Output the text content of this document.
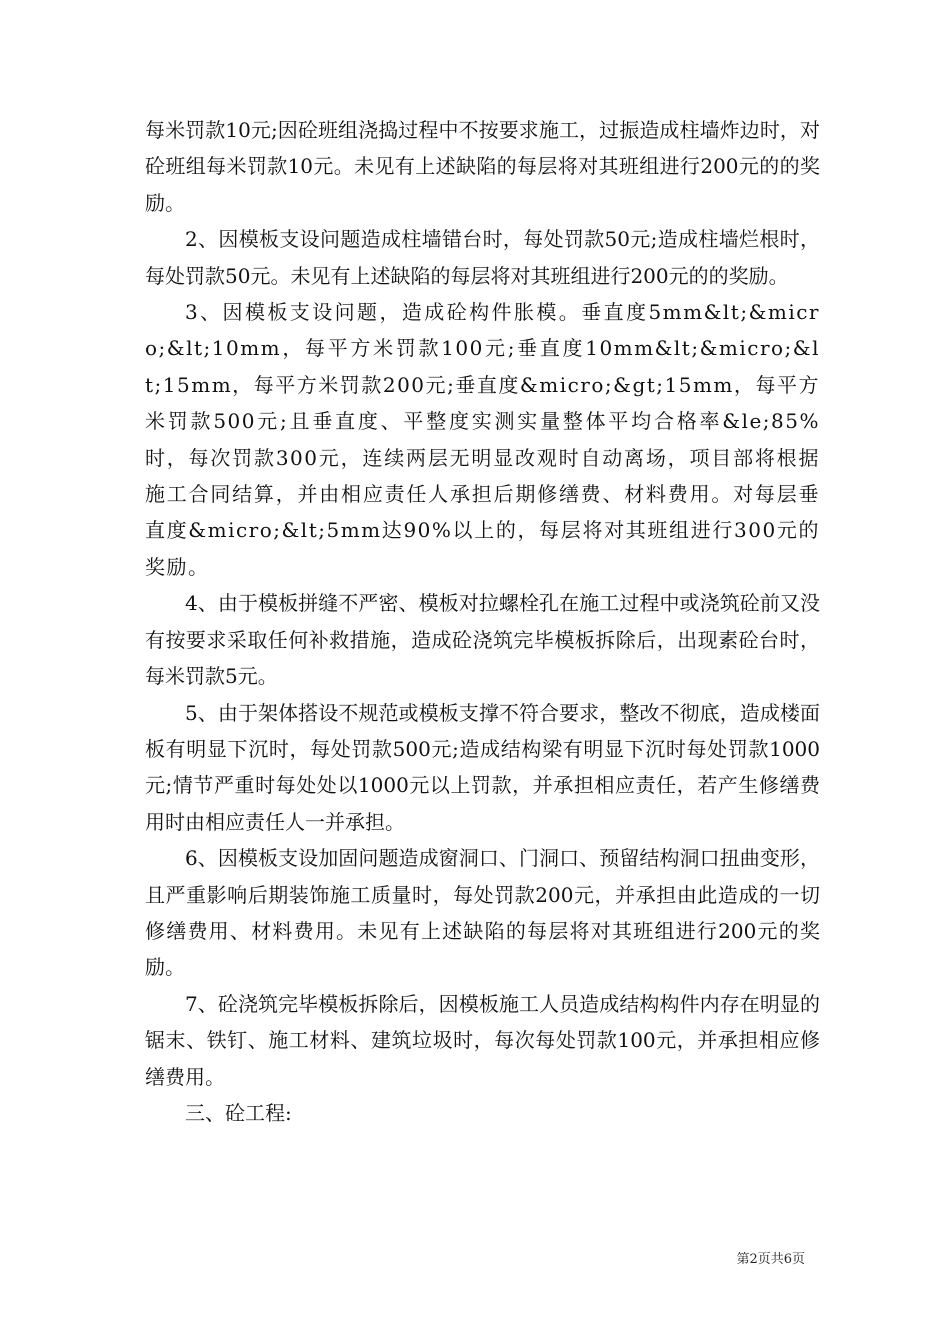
每米罚款10元;因砼班组浇捣过程中不按要求施工，过振造成柱墙炸边时，对砼班组每米罚款10元。未见有上述缺陷的每层将对其班组进行200元的的奖励。

2、因模板支设问题造成柱墙错台时，每处罚款50元;造成柱墙烂根时，每处罚款50元。未见有上述缺陷的每层将对其班组进行200元的的奖励。

3、因模板支设问题，造成砼构件胀模。垂直度5mm&lt;&micro;&lt;10mm，每平方米罚款100元;垂直度10mm&lt;&micro;&lt;15mm，每平方米罚款200元;垂直度&micro;&gt;15mm，每平方米罚款500元;且垂直度、平整度实测实量整体平均合格率&le;85%时，每次罚款300元，连续两层无明显改观时自动离场，项目部将根据施工合同结算，并由相应责任人承担后期修缮费、材料费用。对每层垂直度&micro;&lt;5mm达90%以上的，每层将对其班组进行300元的奖励。

4、由于模板拼缝不严密、模板对拉螺栓孔在施工过程中或浇筑砼前又没有按要求采取任何补救措施，造成砼浇筑完毕模板拆除后，出现素砼台时，每米罚款5元。

5、由于架体搭设不规范或模板支撑不符合要求，整改不彻底，造成楼面板有明显下沉时，每处罚款500元;造成结构梁有明显下沉时每处罚款1000元;情节严重时每处处以1000元以上罚款，并承担相应责任，若产生修缮费用时由相应责任人一并承担。

6、因模板支设加固问题造成窗洞口、门洞口、预留结构洞口扭曲变形，且严重影响后期装饰施工质量时，每处罚款200元，并承担由此造成的一切修缮费用、材料费用。未见有上述缺陷的每层将对其班组进行200元的奖励。

7、砼浇筑完毕模板拆除后，因模板施工人员造成结构构件内存在明显的锯末、铁钉、施工材料、建筑垃圾时，每次每处罚款100元，并承担相应修缮费用。

三、砼工程:

第2页共6页
